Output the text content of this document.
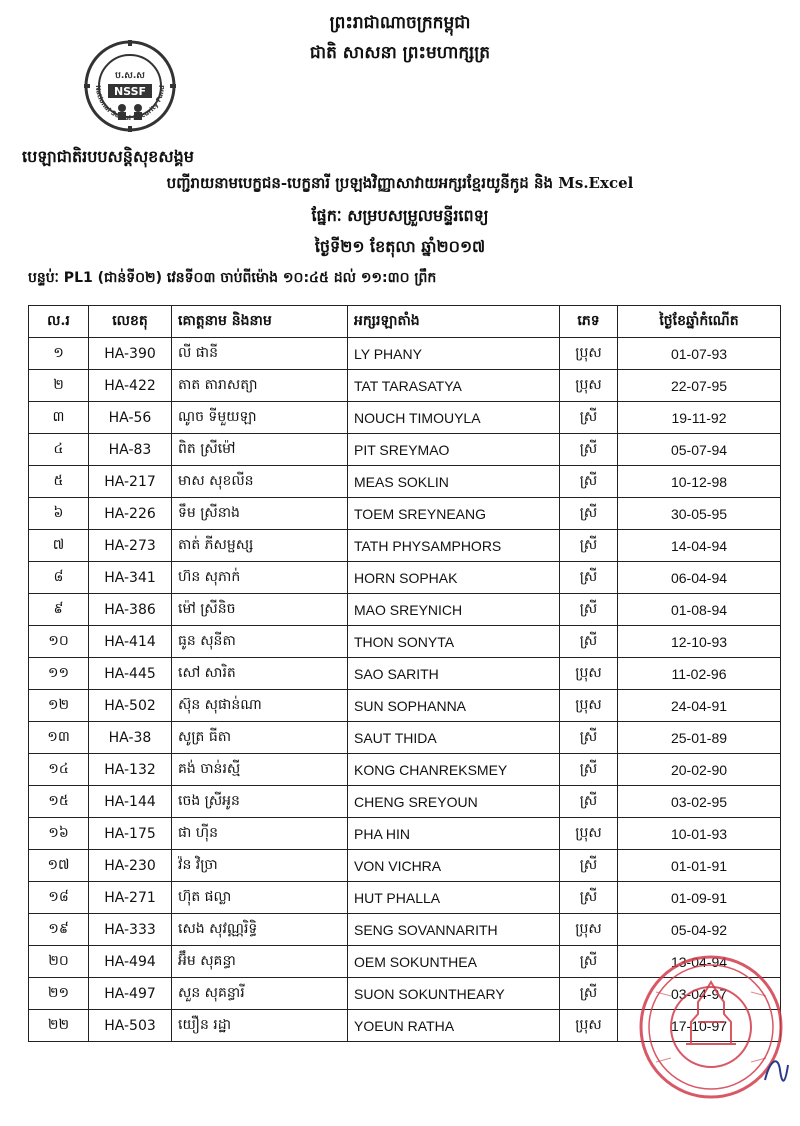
NSSF
ប.ស.ស
National Social Security Fund
ព្រះរាជាណាចក្រកម្ពុជា
ជាតិ សាសនា ព្រះមហាក្សត្រ
បេឡាជាតិរបបសន្តិសុខសង្គម
បញ្ជីរាយនាមបេក្ខជន-បេក្ខនារី ប្រឡងវិញ្ញាសាវាយអក្សរខ្មែរយូនីកូដ និង Ms.Excel
ផ្នែកៈ សម្របសម្រួលមន្ទីរពេទ្យ
ថ្ងៃទី២១ ខែតុលា ឆ្នាំ២០១៧
បន្ទប់ៈ PL1 (ជាន់ទី០២) វេនទី០៣ ចាប់ពីម៉ោង ១០:៤៥ ដល់ ១១:៣០ ព្រឹក
ល.រ	លេខតុ	គោត្តនាម និងនាម	អក្សរឡាតាំង	ភេទ	ថ្ងៃខែឆ្នាំកំណើត
១	HA-390	លី ផានី	LY PHANY	ប្រុស	01-07-93
២	HA-422	តាត តារាសត្យា	TAT TARASATYA	ប្រុស	22-07-95
៣	HA-56	ណូច ទីមួយឡា	NOUCH TIMOUYLA	ស្រី	19-11-92
៤	HA-83	ពិត ស្រីម៉ៅ	PIT SREYMAO	ស្រី	05-07-94
៥	HA-217	មាស សុខលីន	MEAS SOKLIN	ស្រី	10-12-98
៦	HA-226	ទឹម ស្រីនាង	TOEM SREYNEANG	ស្រី	30-05-95
៧	HA-273	តាត់ ភីសម្ផស្ស	TATH PHYSAMPHORS	ស្រី	14-04-94
៨	HA-341	ហ៊ន សុភាក់	HORN SOPHAK	ស្រី	06-04-94
៩	HA-386	ម៉ៅ ស្រីនិច	MAO SREYNICH	ស្រី	01-08-94
១០	HA-414	ធូន សុនីតា	THON SONYTA	ស្រី	12-10-93
១១	HA-445	សៅ សារិត	SAO SARITH	ប្រុស	11-02-96
១២	HA-502	ស៊ុន សុផាន់ណា	SUN SOPHANNA	ប្រុស	24-04-91
១៣	HA-38	សូត្រ ធីតា	SAUT THIDA	ស្រី	25-01-89
១៤	HA-132	គង់ ចាន់រស្មី	KONG CHANREKSMEY	ស្រី	20-02-90
១៥	HA-144	ចេង ស្រីអូន	CHENG SREYOUN	ស្រី	03-02-95
១៦	HA-175	ផា ហ៊ីន	PHA HIN	ប្រុស	10-01-93
១៧	HA-230	វ៉ន វិច្រា	VON VICHRA	ស្រី	01-01-91
១៨	HA-271	ហ៊ុត ផល្លា	HUT PHALLA	ស្រី	01-09-91
១៩	HA-333	សេង សុវណ្ណរិទ្ធិ	SENG SOVANNARITH	ប្រុស	05-04-92
២០	HA-494	អ៊ឹម សុគន្ធា	OEM SOKUNTHEA	ស្រី	13-04-94
២១	HA-497	សួន សុគន្ធារី	SUON SOKUNTHEARY	ស្រី	03-04-97
២២	HA-503	យឿន រដ្ឋា	YOEUN RATHA	ប្រុស	17-10-97
